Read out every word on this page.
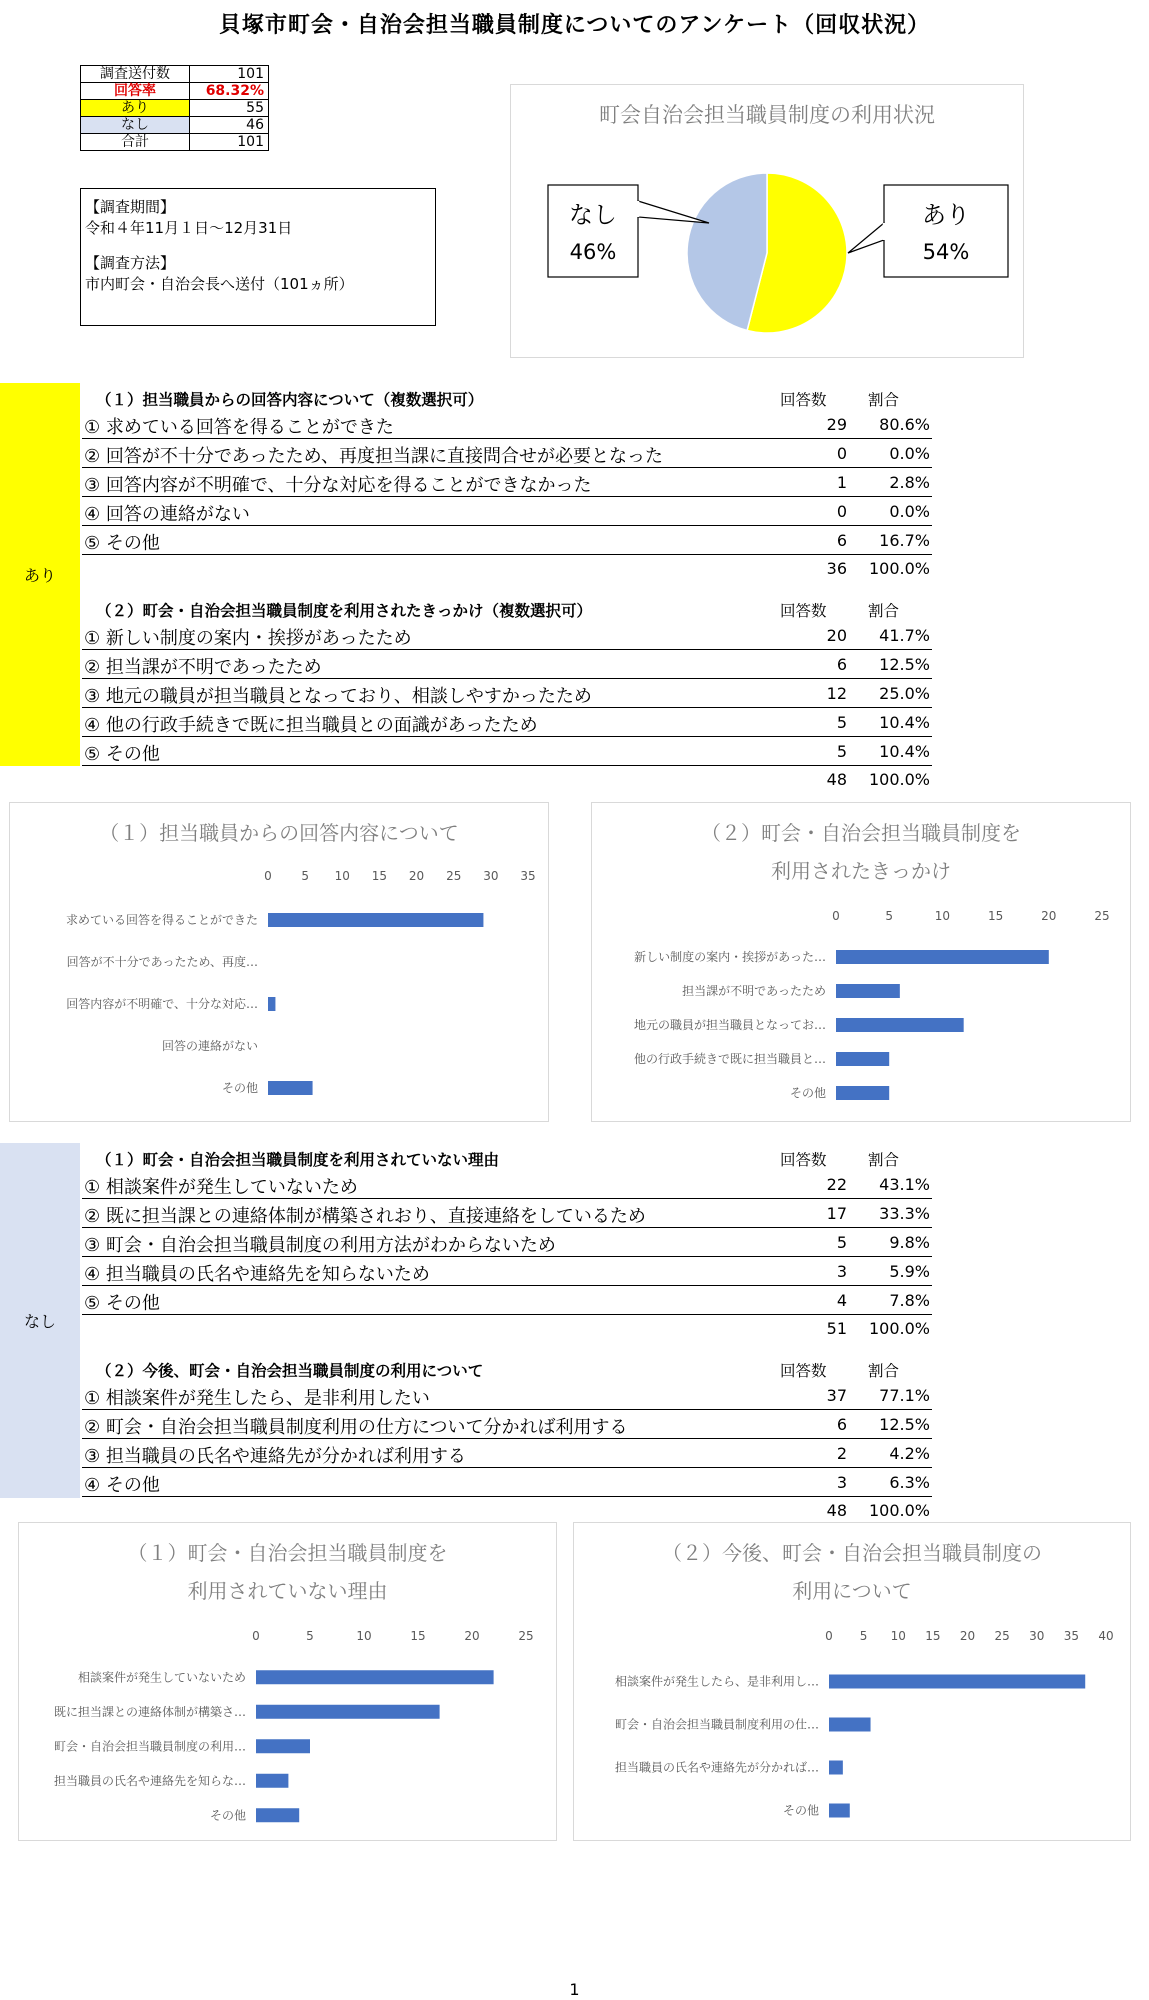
貝塚市町会・自治会担当職員制度についてのアンケート（回収状況）
調査送付数	101
回答率	68.32%
あり	55
なし	46
合計	101
【調査期間】
令和４年11月１日～12月31日
【調査方法】
市内町会・自治会長へ送付（101ヵ所）
町会自治会担当職員制度の利用状況
あり
54%
なし
46%
あり
なし
（１）担当職員からの回答内容について（複数選択可）	回答数	割合
① 求めている回答を得ることができた	29 80.6%
② 回答が不十分であったため、再度担当課に直接問合せが必要となった	0	0.0%
③ 回答内容が不明確で、十分な対応を得ることができなかった	1	2.8%
④ 回答の連絡がない	0	0.0%
⑤ その他	6 16.7%
36 100.0%
（２）町会・自治会担当職員制度を利用されたきっかけ（複数選択可）	回答数	割合
① 新しい制度の案内・挨拶があったため	20 41.7%
② 担当課が不明であったため	6 12.5%
③ 地元の職員が担当職員となっており、相談しやすかったため	12 25.0%
④ 他の行政手続きで既に担当職員との面識があったため	5 10.4%
⑤ その他	5 10.4%
48 100.0%
（１）町会・自治会担当職員制度を利用されていない理由	回答数	割合
① 相談案件が発生していないため	22 43.1%
② 既に担当課との連絡体制が構築されおり、直接連絡をしているため	17 33.3%
③ 町会・自治会担当職員制度の利用方法がわからないため	5	9.8%
④ 担当職員の氏名や連絡先を知らないため	3	5.9%
⑤ その他	4	7.8%
51 100.0%
（２）今後、町会・自治会担当職員制度の利用について	回答数	割合
① 相談案件が発生したら、是非利用したい	37 77.1%
② 町会・自治会担当職員制度利用の仕方について分かれば利用する	6 12.5%
③ 担当職員の氏名や連絡先が分かれば利用する	2	4.2%
④ その他	3	6.3%
48 100.0%
（１）担当職員からの回答内容について
0 5 10 15 20 25 30 35
求めている回答を得ることができた
回答が不十分であったため、再度…
回答内容が不明確で、十分な対応…
回答の連絡がない
その他
（２）町会・自治会担当職員制度を
利用されたきっかけ
0	5	10	15	20	25
新しい制度の案内・挨拶があった…
担当課が不明であったため
地元の職員が担当職員となってお…
他の行政手続きで既に担当職員と…
その他
（１）町会・自治会担当職員制度を
利用されていない理由
0	5	10	15	20	25
相談案件が発生していないため
既に担当課との連絡体制が構築さ…
町会・自治会担当職員制度の利用…
担当職員の氏名や連絡先を知らな…
その他
（２）今後、町会・自治会担当職員制度の
利用について
0 5 10 15 20 25 30 35 40
相談案件が発生したら、是非利用し…
町会・自治会担当職員制度利用の仕…
担当職員の氏名や連絡先が分かれば…
その他
1
